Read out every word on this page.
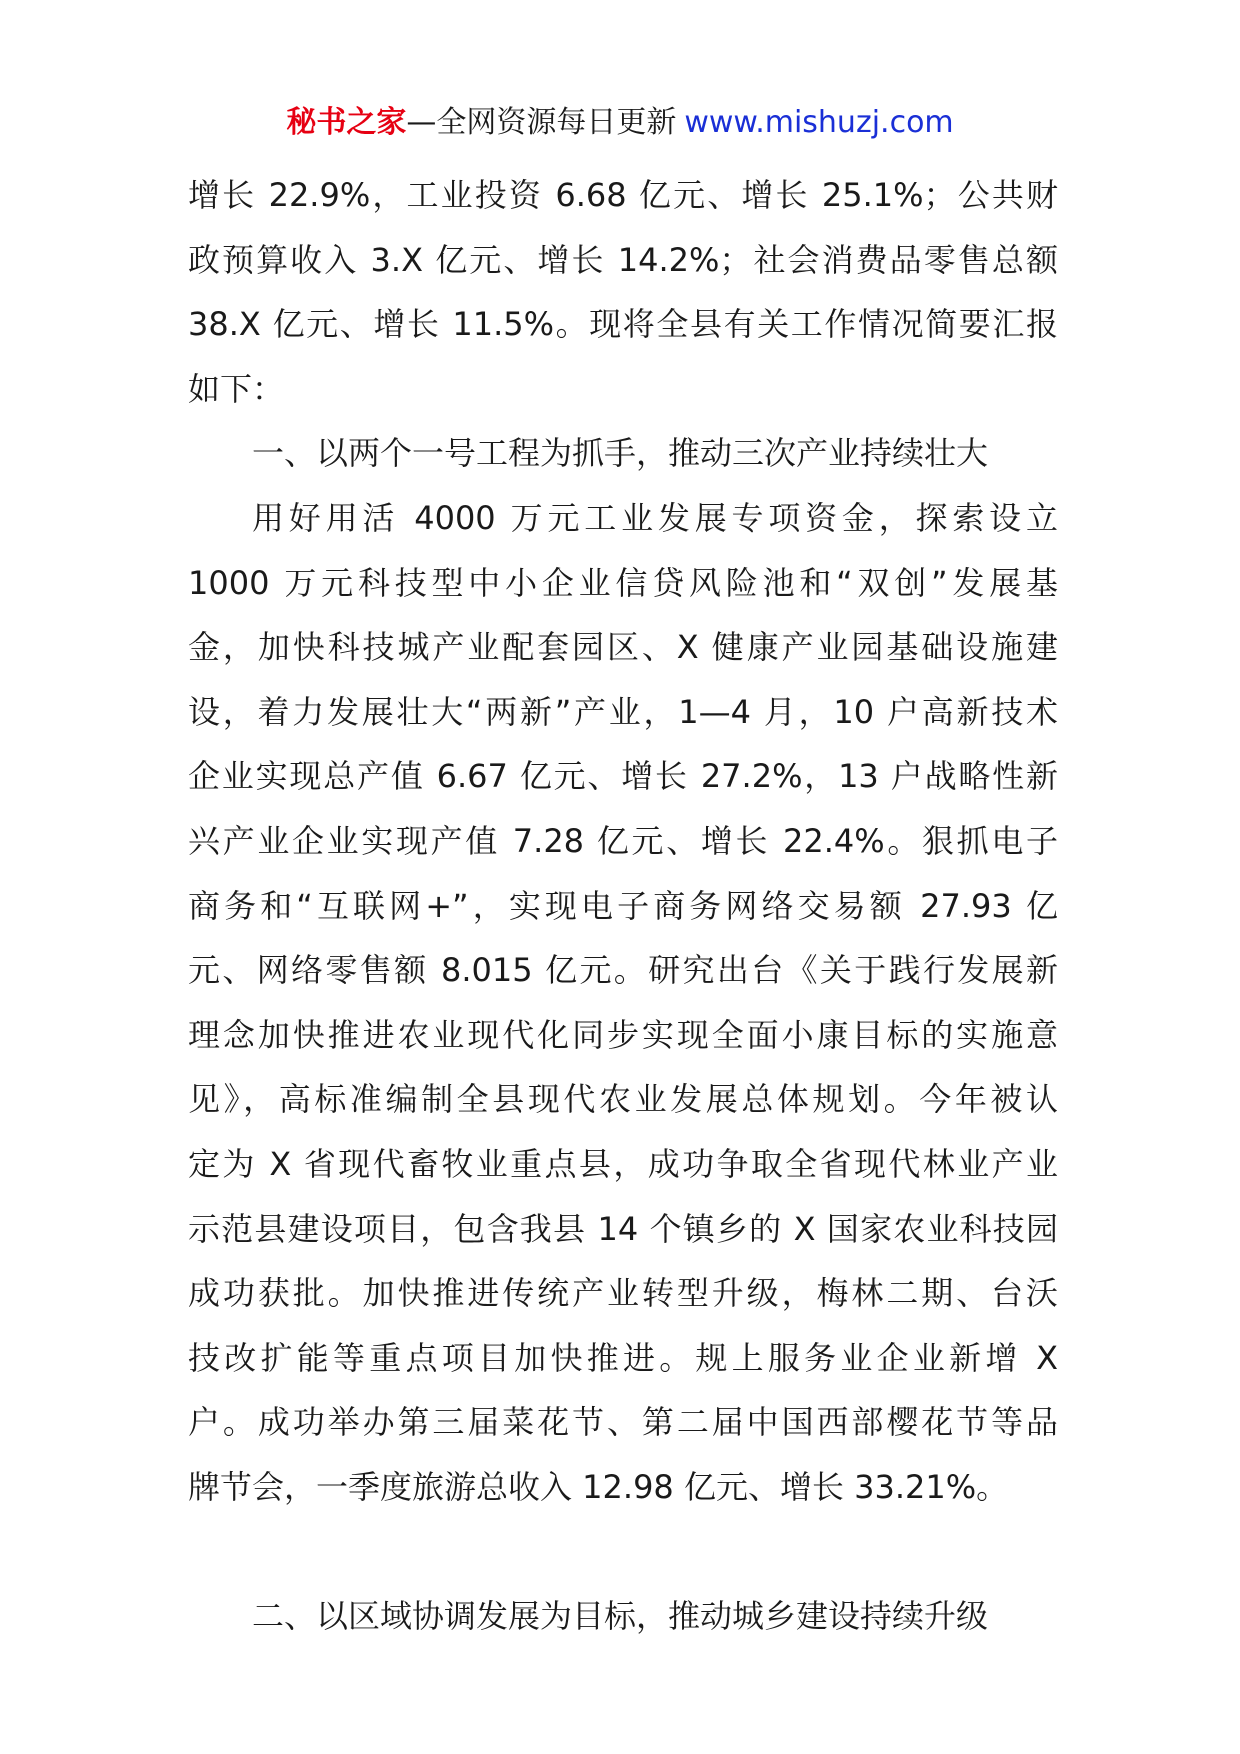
秘书之家—全网资源每日更新 www.mishuzj.com
增长 22.9%，工业投资 6.68 亿元、增长 25.1%；公共财
政预算收入 3.X 亿元、增长 14.2%；社会消费品零售总额
38.X 亿元、增长 11.5%。现将全县有关工作情况简要汇报
如下：
一、以两个一号工程为抓手，推动三次产业持续壮大
用好用活 4000 万元工业发展专项资金，探索设立
1000 万元科技型中小企业信贷风险池和“双创”发展基
金，加快科技城产业配套园区、X 健康产业园基础设施建
设，着力发展壮大“两新”产业，1—4 月，10 户高新技术
企业实现总产值 6.67 亿元、增长 27.2%，13 户战略性新
兴产业企业实现产值 7.28 亿元、增长 22.4%。狠抓电子
商务和“互联网+”，实现电子商务网络交易额 27.93 亿
元、网络零售额 8.015 亿元。研究出台《关于践行发展新
理念加快推进农业现代化同步实现全面小康目标的实施意
见》，高标准编制全县现代农业发展总体规划。今年被认
定为 X 省现代畜牧业重点县，成功争取全省现代林业产业
示范县建设项目，包含我县 14 个镇乡的 X 国家农业科技园
成功获批。加快推进传统产业转型升级，梅林二期、台沃
技改扩能等重点项目加快推进。规上服务业企业新增 X
户。成功举办第三届菜花节、第二届中国西部樱花节等品
牌节会，一季度旅游总收入 12.98 亿元、增长 33.21%。
二、以区域协调发展为目标，推动城乡建设持续升级
